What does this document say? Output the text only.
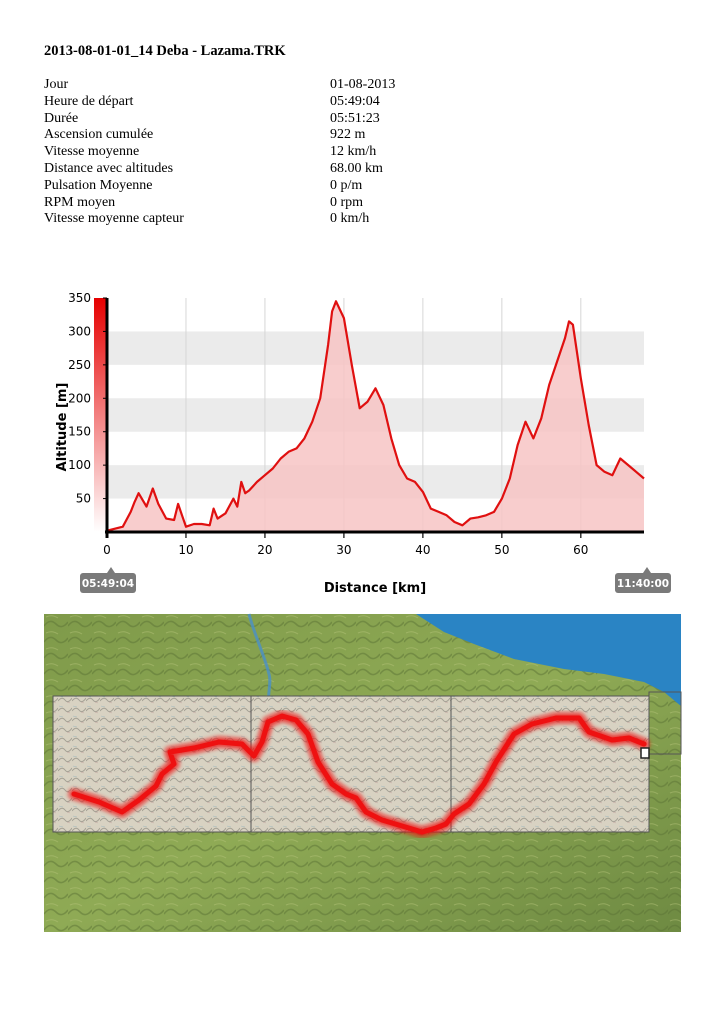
2013-08-01-01_14 Deba - Lazama.TRK
Jour	01-08-2013
Heure de départ	05:49:04
Durée	05:51:23
Ascension cumulée	922 m
Vitesse moyenne	12 km/h
Distance avec altitudes	68.00 km
Pulsation Moyenne	0 p/m
RPM moyen	0 rpm
Vitesse moyenne capteur	0 km/h
50
100
150
200
250
300
350
0	10	20	30	40	50	60
Altitude [m]
Distance [km]
05:49:04	11:40:00
